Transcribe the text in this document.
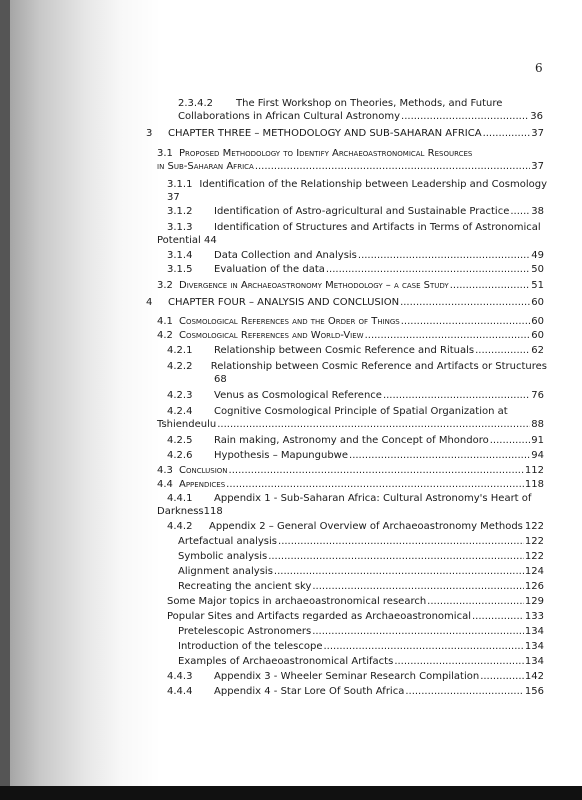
6
2.3.4.2	The First Workshop on Theories, Methods, and Future
Collaborations in African Cultural Astronomy .....	36
3	CHAPTER THREE – METHODOLOGY AND SUB-SAHARAN AFRICA .....	37
3.1 Proposed Methodology to Identify Archaeoastronomical Resources
in Sub-Saharan Africa .....	37
3.1.1 Identification of the Relationship between Leadership and Cosmology
37
3.1.2	Identification of Astro-agricultural and Sustainable Practice ..... 38
3.1.3	Identification of Structures and Artifacts in Terms of Astronomical
Potential 44
3.1.4	Data Collection and Analysis .....	49
3.1.5	Evaluation of the data .....	50
3.2 Divergence in Archaeoastronomy Methodology – a case Study .....	51
4	CHAPTER FOUR – ANALYSIS AND CONCLUSION .....	60
4.1 Cosmological References and the Order of Things .....	60
4.2 Cosmological References and World-View .....	60
4.2.1	Relationship between Cosmic Reference and Rituals .....	62
4.2.2	Relationship between Cosmic Reference and Artifacts or Structures
68
4.2.3	Venus as Cosmological Reference .....	76
4.2.4	Cognitive Cosmological Principle of Spatial Organization at
Tshiendeulu .....	88
4.2.5	Rain making, Astronomy and the Concept of Mhondoro .....	91
4.2.6	Hypothesis – Mapungubwe .....	94
4.3 Conclusion .....	112
4.4 Appendices .....	118
4.4.1	Appendix 1 - Sub-Saharan Africa: Cultural Astronomy's Heart of
Darkness118
4.4.2	Appendix 2 – General Overview of Archaeoastronomy Methods 122
Artefactual analysis .....	122
Symbolic analysis .....	122
Alignment analysis .....	124
Recreating the ancient sky .....	126
Some Major topics in archaeoastronomical research .....	129
Popular Sites and Artifacts regarded as Archaeoastronomical .....	133
Pretelescopic Astronomers .....	134
Introduction of the telescope .....	134
Examples of Archaeoastronomical Artifacts .....	134
4.4.3	Appendix 3 - Wheeler Seminar Research Compilation .....	142
4.4.4	Appendix 4 - Star Lore Of South Africa .....	156
